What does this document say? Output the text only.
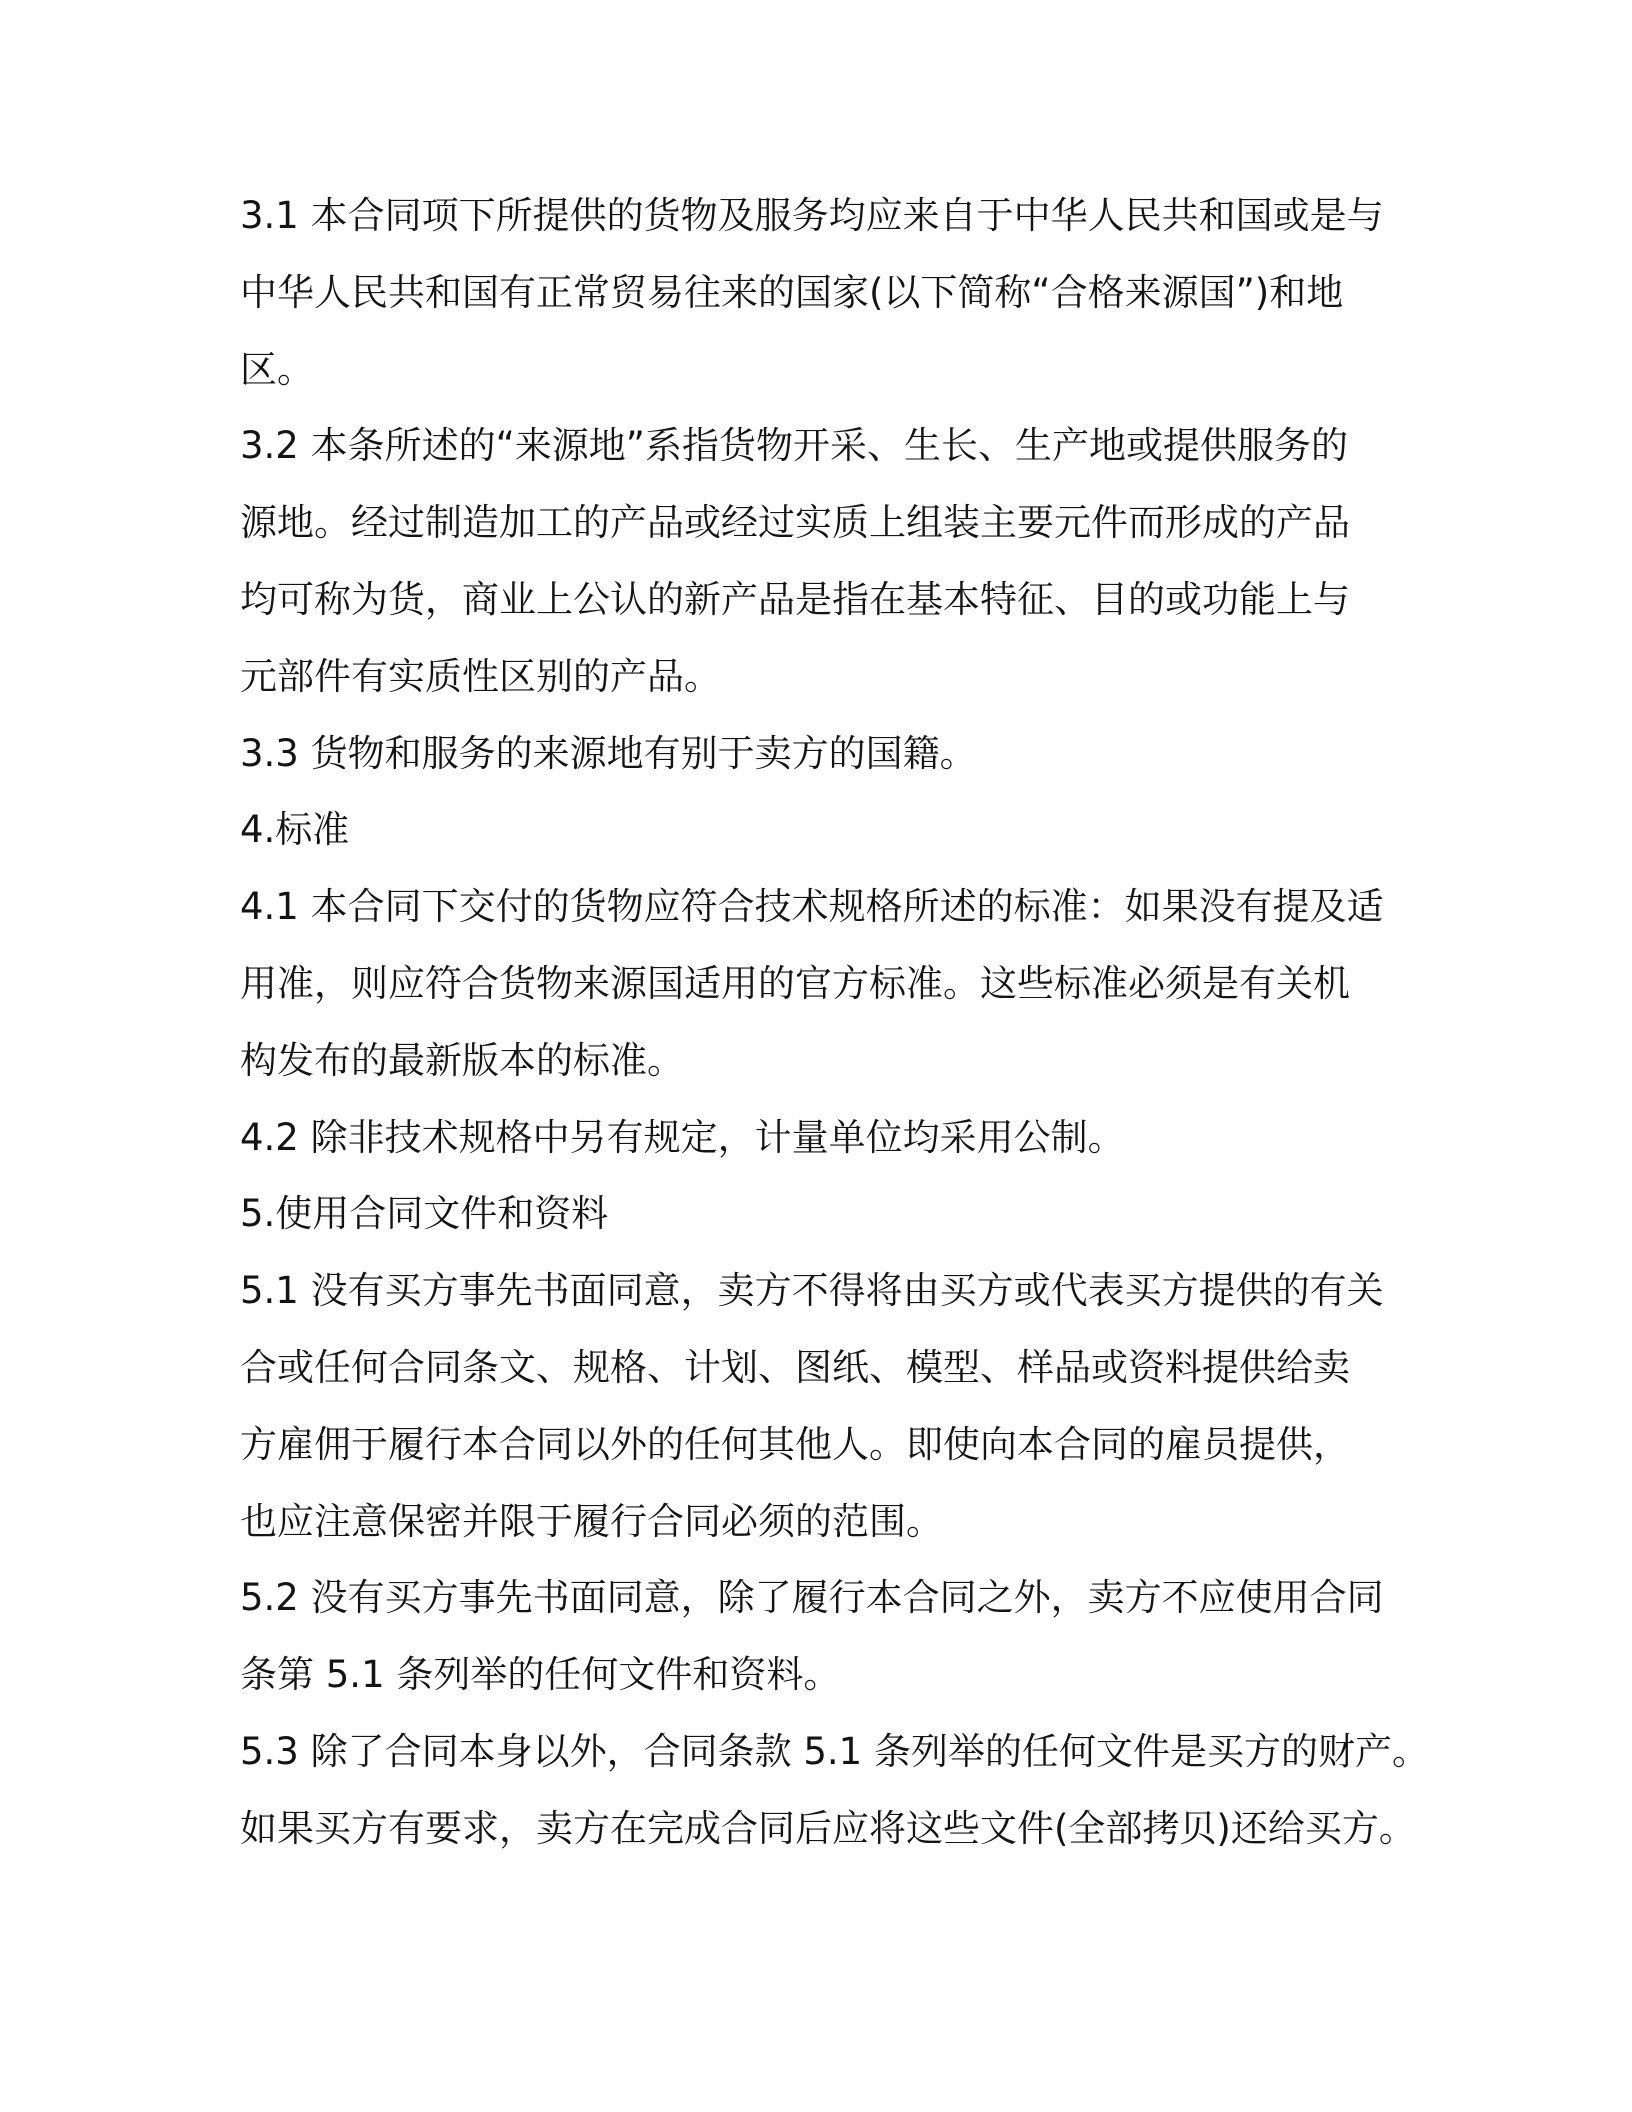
3.1 本合同项下所提供的货物及服务均应来自于中华人民共和国或是与
中华人民共和国有正常贸易往来的国家(以下简称“合格来源国”)和地
区。
3.2 本条所述的“来源地”系指货物开采、生长、生产地或提供服务的
源地。经过制造加工的产品或经过实质上组装主要元件而形成的产品
均可称为货，商业上公认的新产品是指在基本特征、目的或功能上与
元部件有实质性区别的产品。
3.3 货物和服务的来源地有别于卖方的国籍。
4.标准
4.1 本合同下交付的货物应符合技术规格所述的标准：如果没有提及适
用准，则应符合货物来源国适用的官方标准。这些标准必须是有关机
构发布的最新版本的标准。
4.2 除非技术规格中另有规定，计量单位均采用公制。
5.使用合同文件和资料
5.1 没有买方事先书面同意，卖方不得将由买方或代表买方提供的有关
合或任何合同条文、规格、计划、图纸、模型、样品或资料提供给卖
方雇佣于履行本合同以外的任何其他人。即使向本合同的雇员提供，
也应注意保密并限于履行合同必须的范围。
5.2 没有买方事先书面同意，除了履行本合同之外，卖方不应使用合同
条第 5.1 条列举的任何文件和资料。
5.3 除了合同本身以外，合同条款 5.1 条列举的任何文件是买方的财产。
如果买方有要求，卖方在完成合同后应将这些文件(全部拷贝)还给买方。
